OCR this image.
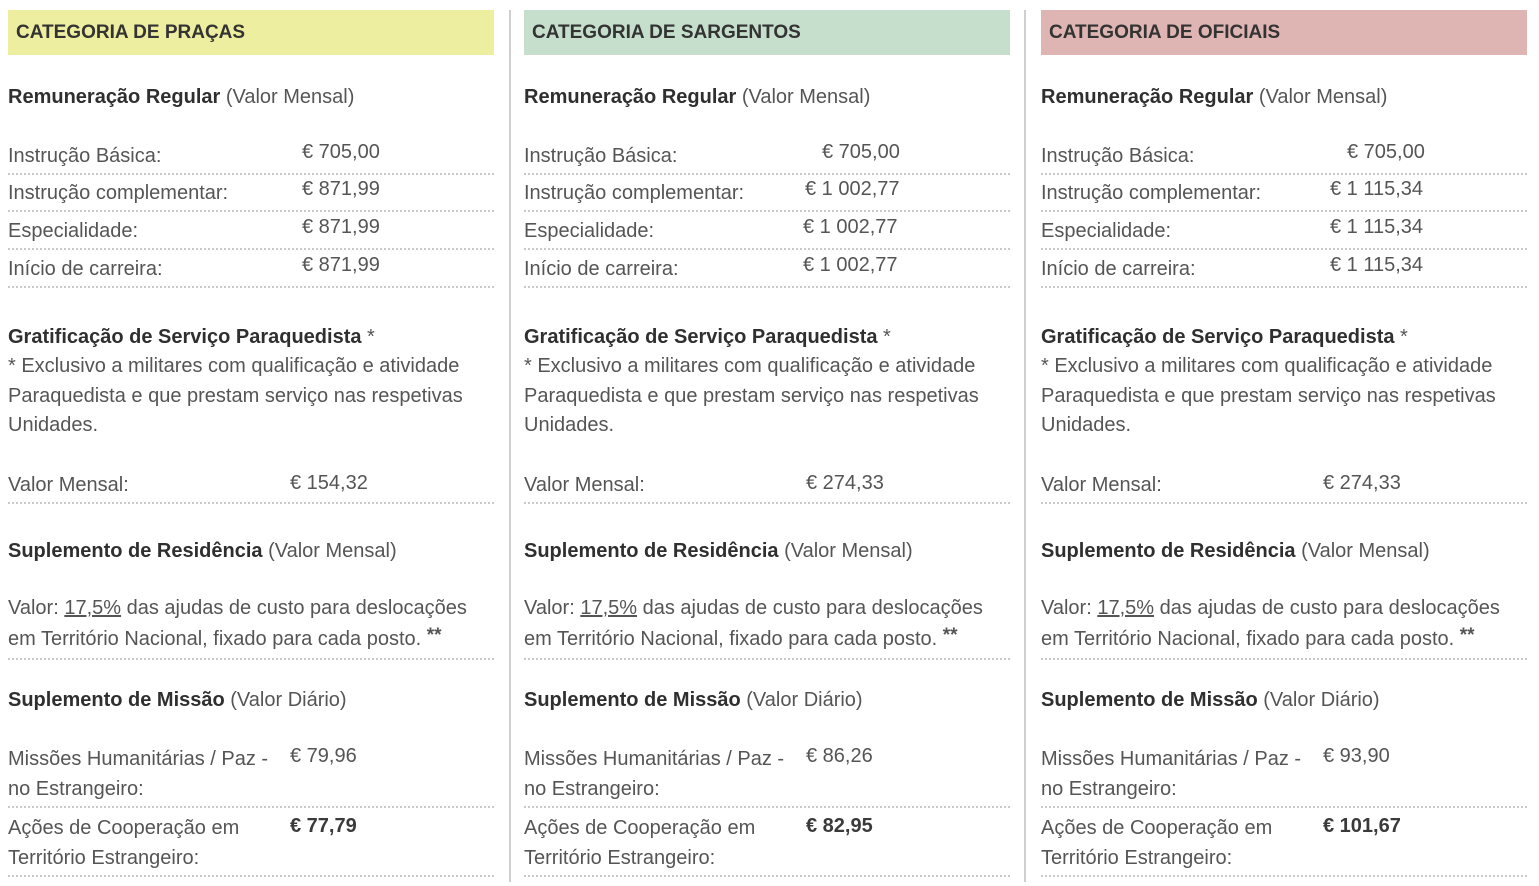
CATEGORIA DE PRAÇAS
Remuneração Regular (Valor Mensal)
Instrução Básica:	€ 705,00
Instrução complementar:	€ 871,99
Especialidade:	€ 871,99
Início de carreira:	€ 871,99
Gratificação de Serviço Paraquedista *
* Exclusivo a militares com qualificação e atividade Paraquedista e que prestam serviço nas respetivas Unidades.
Valor Mensal:	€ 154,32
Suplemento de Residência (Valor Mensal)
Valor: 17,5% das ajudas de custo para deslocações em Território Nacional, fixado para cada posto. **
Suplemento de Missão (Valor Diário)
Missões Humanitárias / Paz -
no Estrangeiro:
€ 79,96
Ações de Cooperação em
Território Estrangeiro:
€ 77,79
CATEGORIA DE SARGENTOS
Remuneração Regular (Valor Mensal)
Instrução Básica:	€ 705,00
Instrução complementar:	€ 1 002,77
Especialidade:	€ 1 002,77
Início de carreira:	€ 1 002,77
Gratificação de Serviço Paraquedista *
* Exclusivo a militares com qualificação e atividade Paraquedista e que prestam serviço nas respetivas Unidades.
Valor Mensal:	€ 274,33
Suplemento de Residência (Valor Mensal)
Valor: 17,5% das ajudas de custo para deslocações em Território Nacional, fixado para cada posto. **
Suplemento de Missão (Valor Diário)
Missões Humanitárias / Paz -
no Estrangeiro:
€ 86,26
Ações de Cooperação em
Território Estrangeiro:
€ 82,95
CATEGORIA DE OFICIAIS
Remuneração Regular (Valor Mensal)
Instrução Básica:	€ 705,00
Instrução complementar:	€ 1 115,34
Especialidade:	€ 1 115,34
Início de carreira:	€ 1 115,34
Gratificação de Serviço Paraquedista *
* Exclusivo a militares com qualificação e atividade Paraquedista e que prestam serviço nas respetivas Unidades.
Valor Mensal:	€ 274,33
Suplemento de Residência (Valor Mensal)
Valor: 17,5% das ajudas de custo para deslocações em Território Nacional, fixado para cada posto. **
Suplemento de Missão (Valor Diário)
Missões Humanitárias / Paz -
no Estrangeiro:
€ 93,90
Ações de Cooperação em
Território Estrangeiro:
€ 101,67
